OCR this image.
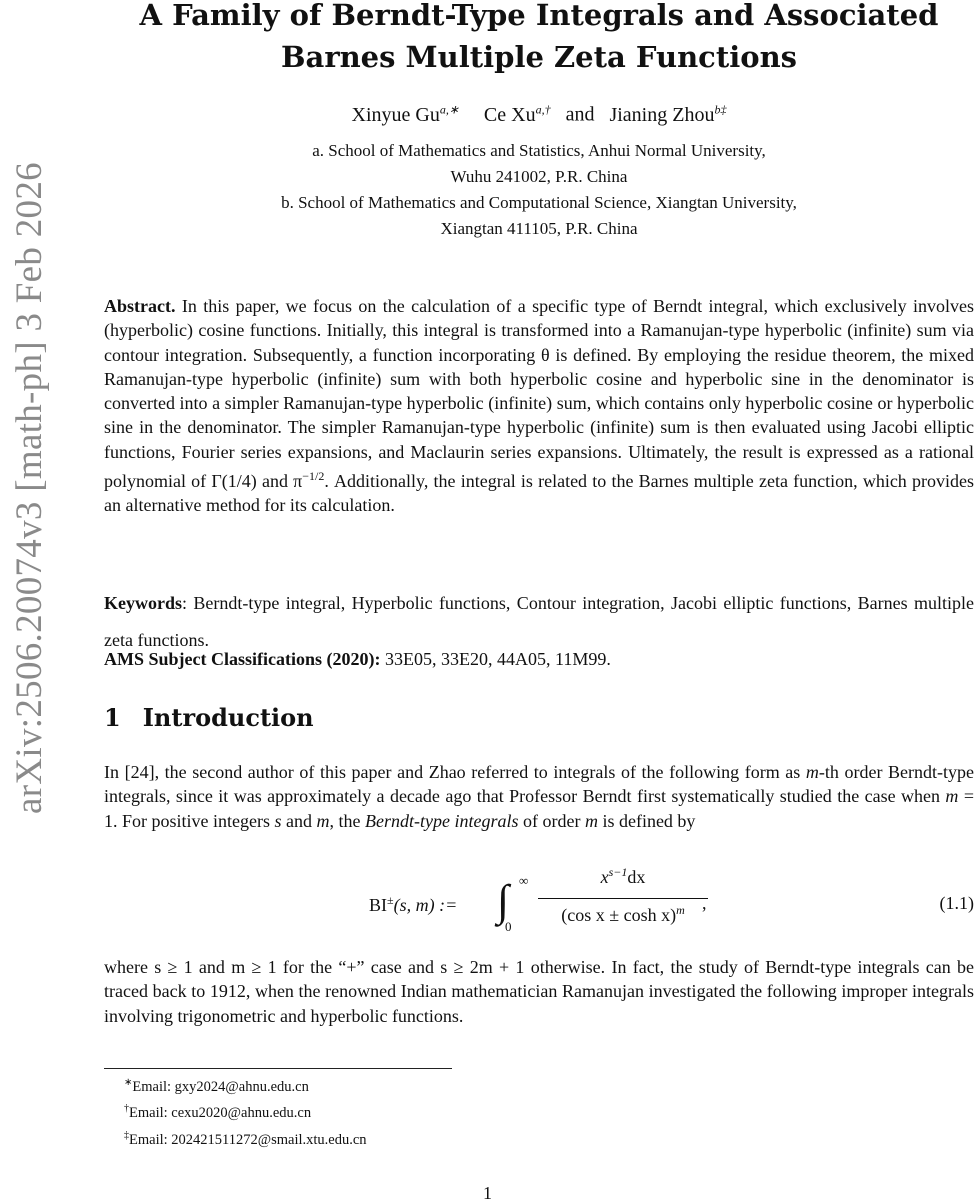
arXiv:2506.20074v3 [math-ph] 3 Feb 2026
A Family of Berndt-Type Integrals and Associated
Barnes Multiple Zeta Functions
Xinyue $Gu^{a,∗}$ Ce $Xu^{a,\dagger}$ and Jianing Zhou$^{b\ddagger}$
a. School of Mathematics and Statistics, Anhui Normal University,
Wuhu 241002, P.R. China
b. School of Mathematics and Computational Science, Xiangtan University,
Xiangtan 411105, P.R. China
Abstract. In this paper, we focus on the calculation of a specific type of Berndt integral, which exclusively involves (hyperbolic) cosine functions. Initially, this integral is transformed into a Ramanujan-type hyperbolic (infinite) sum via contour integration. Subsequently, a function incorporating θ is defined. By employing the residue theorem, the mixed Ramanujan-type hyperbolic (infinite) sum with both hyperbolic cosine and hyperbolic sine in the denominator is converted into a simpler Ramanujan-type hyperbolic (infinite) sum, which contains only hyperbolic cosine or hyperbolic sine in the denominator. The simpler Ramanujan-type hyperbolic (infinite) sum is then evaluated using Jacobi elliptic functions, Fourier series expansions, and Maclaurin series expansions. Ultimately, the result is expressed as a rational polynomial of Γ(1/4) and $\pi^{-1/2}$. Additionally, the integral is related to the Barnes multiple zeta function, which provides an alternative method for its calculation.
Keywords: Berndt-type integral, Hyperbolic functions, Contour integration, Jacobi elliptic functions, Barnes multiple zeta functions.
AMS Subject Classifications (2020): 33E05, 33E20, 44A05, 11M99.
1 Introduction
In [24], the second author of this paper and Zhao referred to integrals of the following form as m-th order Berndt-type integrals, since it was approximately a decade ago that Professor Berndt first systematically studied the case when m = 1. For positive integers s and m, the Berndt-type integrals of order m is defined by
BI±(s, m) := ∫ ∞
0
$x^{s-1}dx$
(cos x ± cosh x)$^m$ ,	(1.1)
where s ≥ 1 and m ≥ 1 for the “+” case and s ≥ 2m + 1 otherwise. In fact, the study of Berndt-type integrals can be traced back to 1912, when the renowned Indian mathematician Ramanujan investigated the following improper integrals involving trigonometric and hyperbolic functions.
∗Email: gxy2024@ahnu.edu.cn
†Email: cexu2020@ahnu.edu.cn
‡Email: 202421511272@smail.xtu.edu.cn
1
